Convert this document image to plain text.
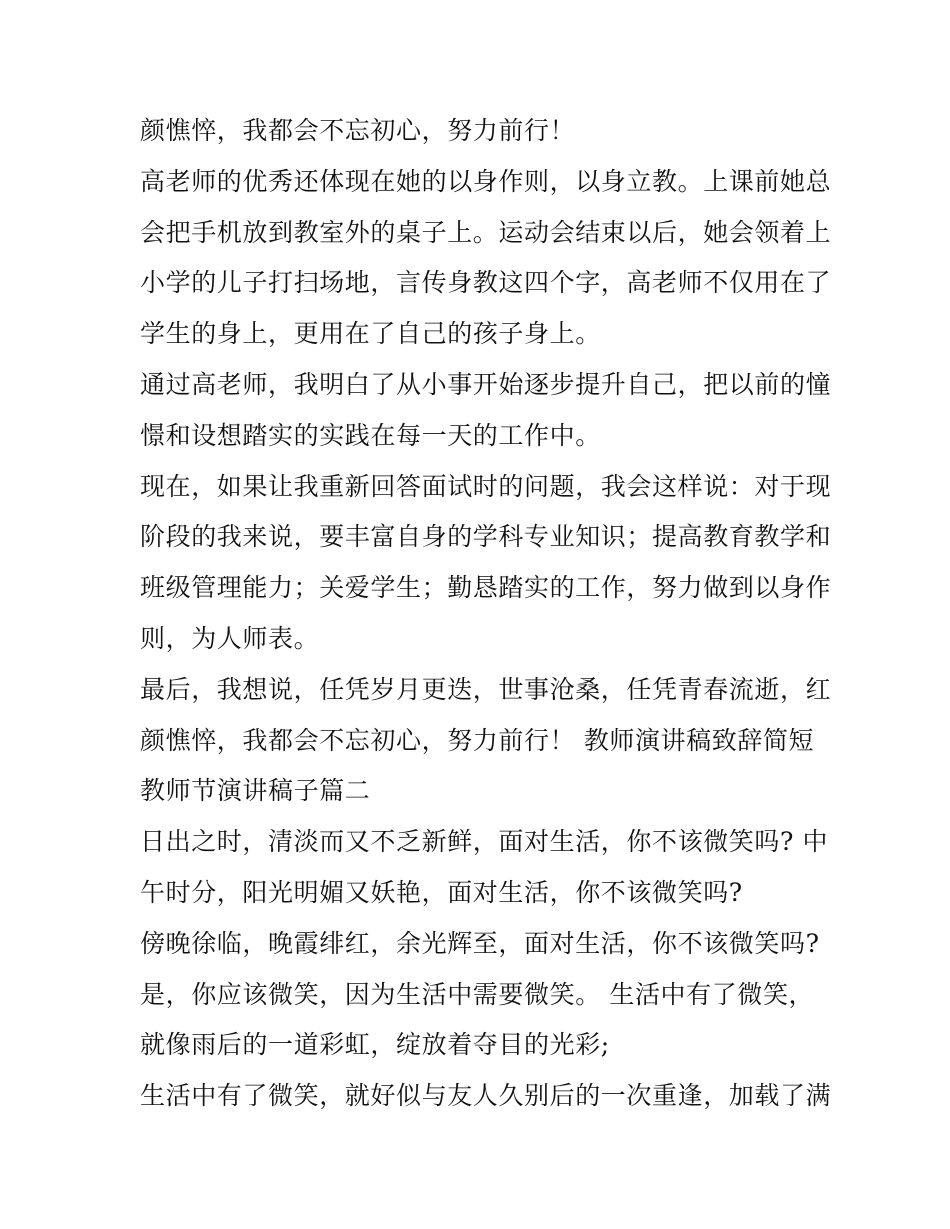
颜憔悴，我都会不忘初心，努力前行！
高老师的优秀还体现在她的以身作则，以身立教。上课前她总
会把手机放到教室外的桌子上。运动会结束以后，她会领着上
小学的儿子打扫场地，言传身教这四个字，高老师不仅用在了
学生的身上，更用在了自己的孩子身上。
通过高老师，我明白了从小事开始逐步提升自己，把以前的憧
憬和设想踏实的实践在每一天的工作中。
现在，如果让我重新回答面试时的问题，我会这样说：对于现
阶段的我来说，要丰富自身的学科专业知识；提高教育教学和
班级管理能力；关爱学生；勤恳踏实的工作，努力做到以身作
则，为人师表。
最后，我想说，任凭岁月更迭，世事沧桑，任凭青春流逝，红
颜憔悴，我都会不忘初心，努力前行！ 教师演讲稿致辞简短
教师节演讲稿子篇二
日出之时，清淡而又不乏新鲜，面对生活，你不该微笑吗? 中
午时分，阳光明媚又妖艳，面对生活，你不该微笑吗?
傍晚徐临，晚霞绯红，余光辉至，面对生活，你不该微笑吗?
是，你应该微笑，因为生活中需要微笑。 生活中有了微笑，
就像雨后的一道彩虹，绽放着夺目的光彩;
生活中有了微笑，就好似与友人久别后的一次重逢，加载了满
